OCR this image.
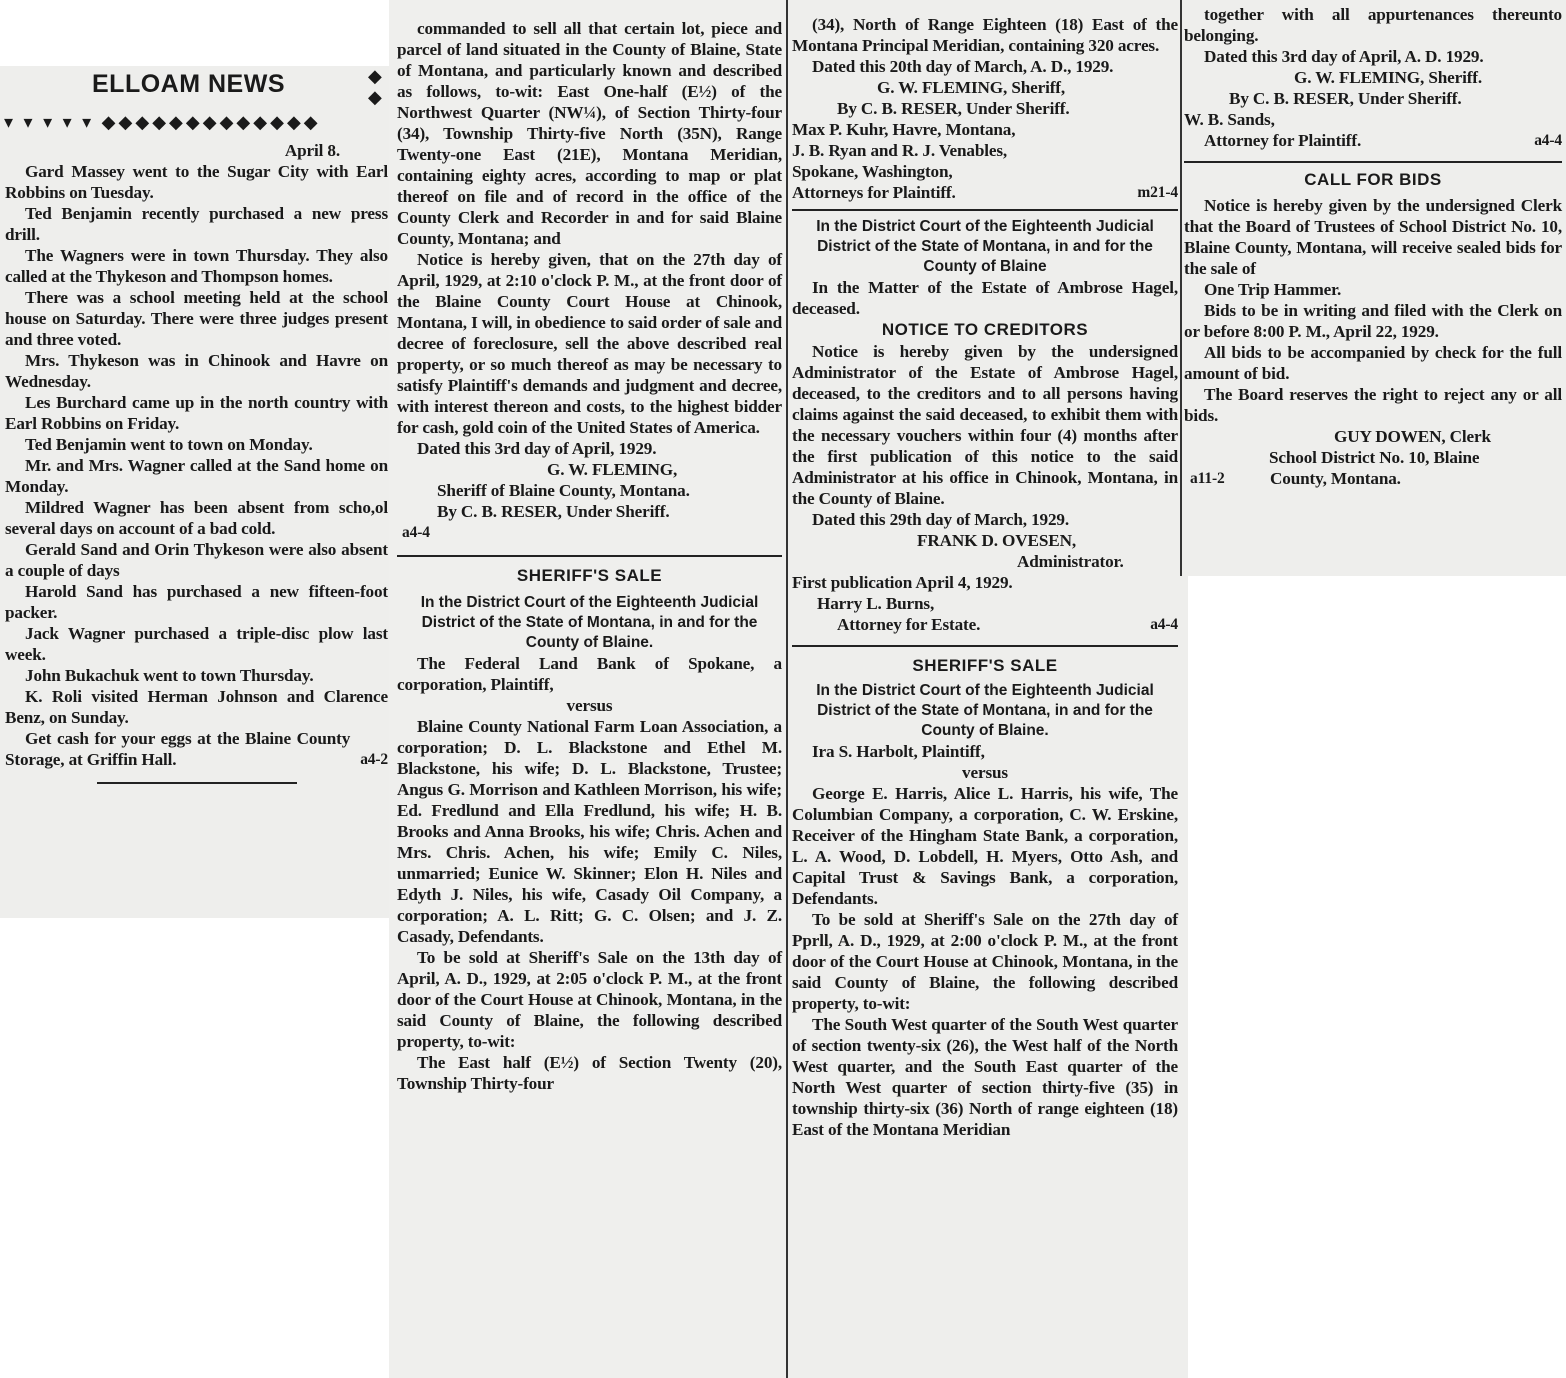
ELLOAM NEWS	◆
◆
▾ ▾ ▾ ▾ ▾ ◆◆◆◆◆◆◆◆◆◆◆◆◆

April 8.

Gard Massey went to the Sugar City with Earl Robbins on Tuesday.

Ted Benjamin recently purchased a new press drill.

The Wagners were in town Thursday. They also called at the Thykeson and Thompson homes.

There was a school meeting held at the school house on Saturday. There were three judges present and three voted.

Mrs. Thykeson was in Chinook and Havre on Wednesday.

Les Burchard came up in the north country with Earl Robbins on Friday.

Ted Benjamin went to town on Monday.

Mr. and Mrs. Wagner called at the Sand home on Monday.

Mildred Wagner has been absent from scho,ol several days on account of a bad cold.

Gerald Sand and Orin Thykeson were also absent a couple of days

Harold Sand has purchased a new fifteen-foot packer.

Jack Wagner purchased a triple-disc plow last week.

John Bukachuk went to town Thursday.

K. Roli visited Herman Johnson and Clarence Benz, on Sunday.

Get cash for your eggs at the Blaine County Storage, at Griffin Hall.	a4-2

commanded to sell all that certain lot, piece and parcel of land situated in the County of Blaine, State of Montana, and particularly known and described as follows, to-wit: East One-half (E½) of the Northwest Quarter (NW¼), of Section Thirty-four (34), Township Thirty-five North (35N), Range Twenty-one East (21E), Montana Meridian, containing eighty acres, according to map or plat thereof on file and of record in the office of the County Clerk and Recorder in and for said Blaine County, Montana; and

Notice is hereby given, that on the 27th day of April, 1929, at 2:10 o'clock P. M., at the front door of the Blaine County Court House at Chinook, Montana, I will, in obedience to said order of sale and decree of foreclosure, sell the above described real property, or so much thereof as may be necessary to satisfy Plaintiff's demands and judgment and decree, with interest thereon and costs, to the highest bidder for cash, gold coin of the United States of America.

Dated this 3rd day of April, 1929.

G. W. FLEMING,

Sheriff of Blaine County, Montana.

By C. B. RESER, Under Sheriff.

a4-4

SHERIFF'S SALE

In the District Court of the Eighteenth Judicial District of the State of Montana, in and for the County of Blaine.

The Federal Land Bank of Spokane, a corporation, Plaintiff,

versus

Blaine County National Farm Loan Association, a corporation; D. L. Blackstone and Ethel M. Blackstone, his wife; D. L. Blackstone, Trustee; Angus G. Morrison and Kathleen Morrison, his wife; Ed. Fredlund and Ella Fredlund, his wife; H. B. Brooks and Anna Brooks, his wife; Chris. Achen and Mrs. Chris. Achen, his wife; Emily C. Niles, unmarried; Eunice W. Skinner; Elon H. Niles and Edyth J. Niles, his wife, Casady Oil Company, a corporation; A. L. Ritt; G. C. Olsen; and J. Z. Casady, Defendants.

To be sold at Sheriff's Sale on the 13th day of April, A. D., 1929, at 2:05 o'clock P. M., at the front door of the Court House at Chinook, Montana, in the said County of Blaine, the following described property, to-wit:

The East half (E½) of Section Twenty (20), Township Thirty-four

(34), North of Range Eighteen (18) East of the Montana Principal Meridian, containing 320 acres.

Dated this 20th day of March, A. D., 1929.

G. W. FLEMING, Sheriff,

By C. B. RESER, Under Sheriff.

Max P. Kuhr, Havre, Montana,

J. B. Ryan and R. J. Venables,

Spokane, Washington,

Attorneys for Plaintiff.	m21-4

In the District Court of the Eighteenth Judicial District of the State of Montana, in and for the County of Blaine

In the Matter of the Estate of Ambrose Hagel, deceased.

NOTICE TO CREDITORS

Notice is hereby given by the undersigned Administrator of the Estate of Ambrose Hagel, deceased, to the creditors and to all persons having claims against the said deceased, to exhibit them with the necessary vouchers within four (4) months after the first publication of this notice to the said Administrator at his office in Chinook, Montana, in the County of Blaine.

Dated this 29th day of March, 1929.

FRANK D. OVESEN,

Administrator.

First publication April 4, 1929.

Harry L. Burns,

Attorney for Estate.	a4-4

SHERIFF'S SALE

In the District Court of the Eighteenth Judicial District of the State of Montana, in and for the County of Blaine.

Ira S. Harbolt, Plaintiff,

versus

George E. Harris, Alice L. Harris, his wife, The Columbian Company, a corporation, C. W. Erskine, Receiver of the Hingham State Bank, a corporation, L. A. Wood, D. Lobdell, H. Myers, Otto Ash, and Capital Trust & Savings Bank, a corporation, Defendants.

To be sold at Sheriff's Sale on the 27th day of Pprll, A. D., 1929, at 2:00 o'clock P. M., at the front door of the Court House at Chinook, Montana, in the said County of Blaine, the following described property, to-wit:

The South West quarter of the South West quarter of section twenty-six (26), the West half of the North West quarter, and the South East quarter of the North West quarter of section thirty-five (35) in township thirty-six (36) North of range eighteen (18) East of the Montana Meridian

together with all appurtenances thereunto belonging.

Dated this 3rd day of April, A. D. 1929.

G. W. FLEMING, Sheriff.

By C. B. RESER, Under Sheriff.

W. B. Sands,

Attorney for Plaintiff.	a4-4

CALL FOR BIDS

Notice is hereby given by the undersigned Clerk that the Board of Trustees of School District No. 10, Blaine County, Montana, will receive sealed bids for the sale of

One Trip Hammer.

Bids to be in writing and filed with the Clerk on or before 8:00 P. M., April 22, 1929.

All bids to be accompanied by check for the full amount of bid.

The Board reserves the right to reject any or all bids.

GUY DOWEN, Clerk

School District No. 10, Blaine

a11-2	County, Montana.
